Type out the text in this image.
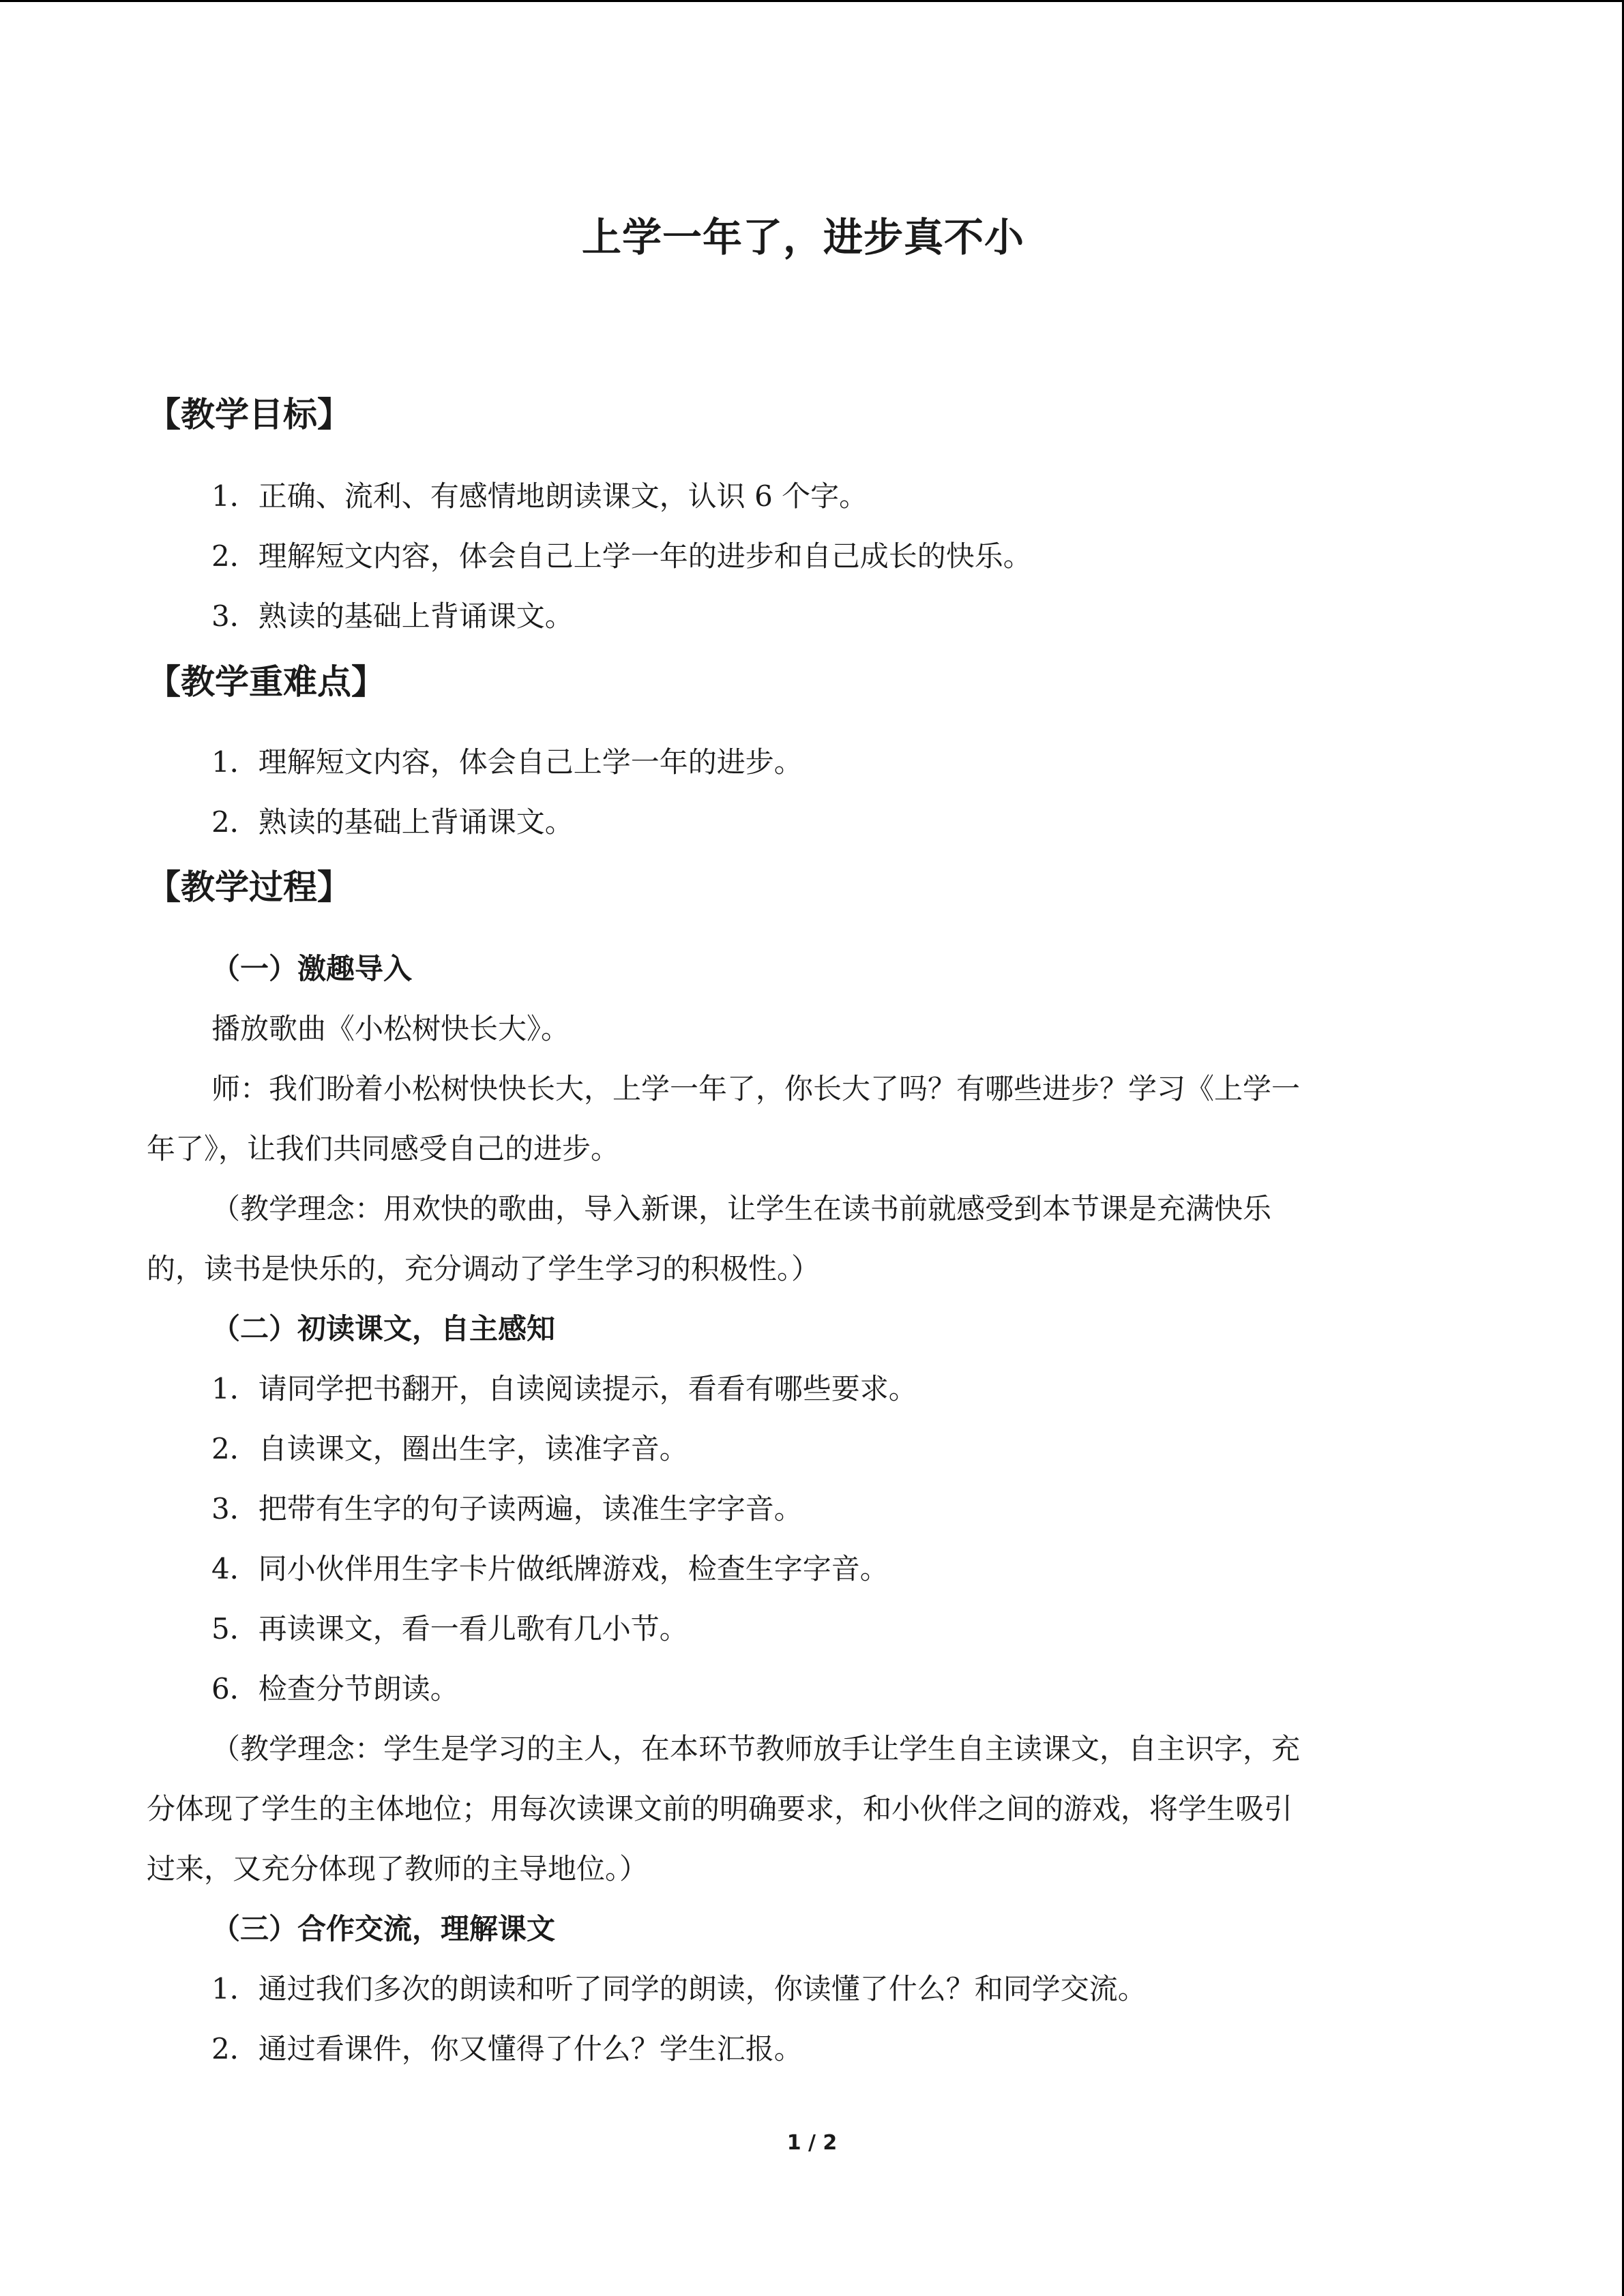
上学一年了，进步真不小
【教学目标】
1．正确、流利、有感情地朗读课文，认识 6 个字。
2．理解短文内容，体会自己上学一年的进步和自己成长的快乐。
3．熟读的基础上背诵课文。
【教学重难点】
1．理解短文内容，体会自己上学一年的进步。
2．熟读的基础上背诵课文。
【教学过程】
（一）激趣导入
播放歌曲《小松树快长大》。
师：我们盼着小松树快快长大，上学一年了，你长大了吗？有哪些进步？学习《上学一
年了》，让我们共同感受自己的进步。
（教学理念：用欢快的歌曲，导入新课，让学生在读书前就感受到本节课是充满快乐
的，读书是快乐的，充分调动了学生学习的积极性。）
（二）初读课文，自主感知
1．请同学把书翻开，自读阅读提示，看看有哪些要求。
2．自读课文，圈出生字，读准字音。
3．把带有生字的句子读两遍，读准生字字音。
4．同小伙伴用生字卡片做纸牌游戏，检查生字字音。
5．再读课文，看一看儿歌有几小节。
6．检查分节朗读。
（教学理念：学生是学习的主人，在本环节教师放手让学生自主读课文，自主识字，充
分体现了学生的主体地位；用每次读课文前的明确要求，和小伙伴之间的游戏，将学生吸引
过来，又充分体现了教师的主导地位。）
（三）合作交流，理解课文
1．通过我们多次的朗读和听了同学的朗读，你读懂了什么？和同学交流。
2．通过看课件，你又懂得了什么？学生汇报。
1 / 2
